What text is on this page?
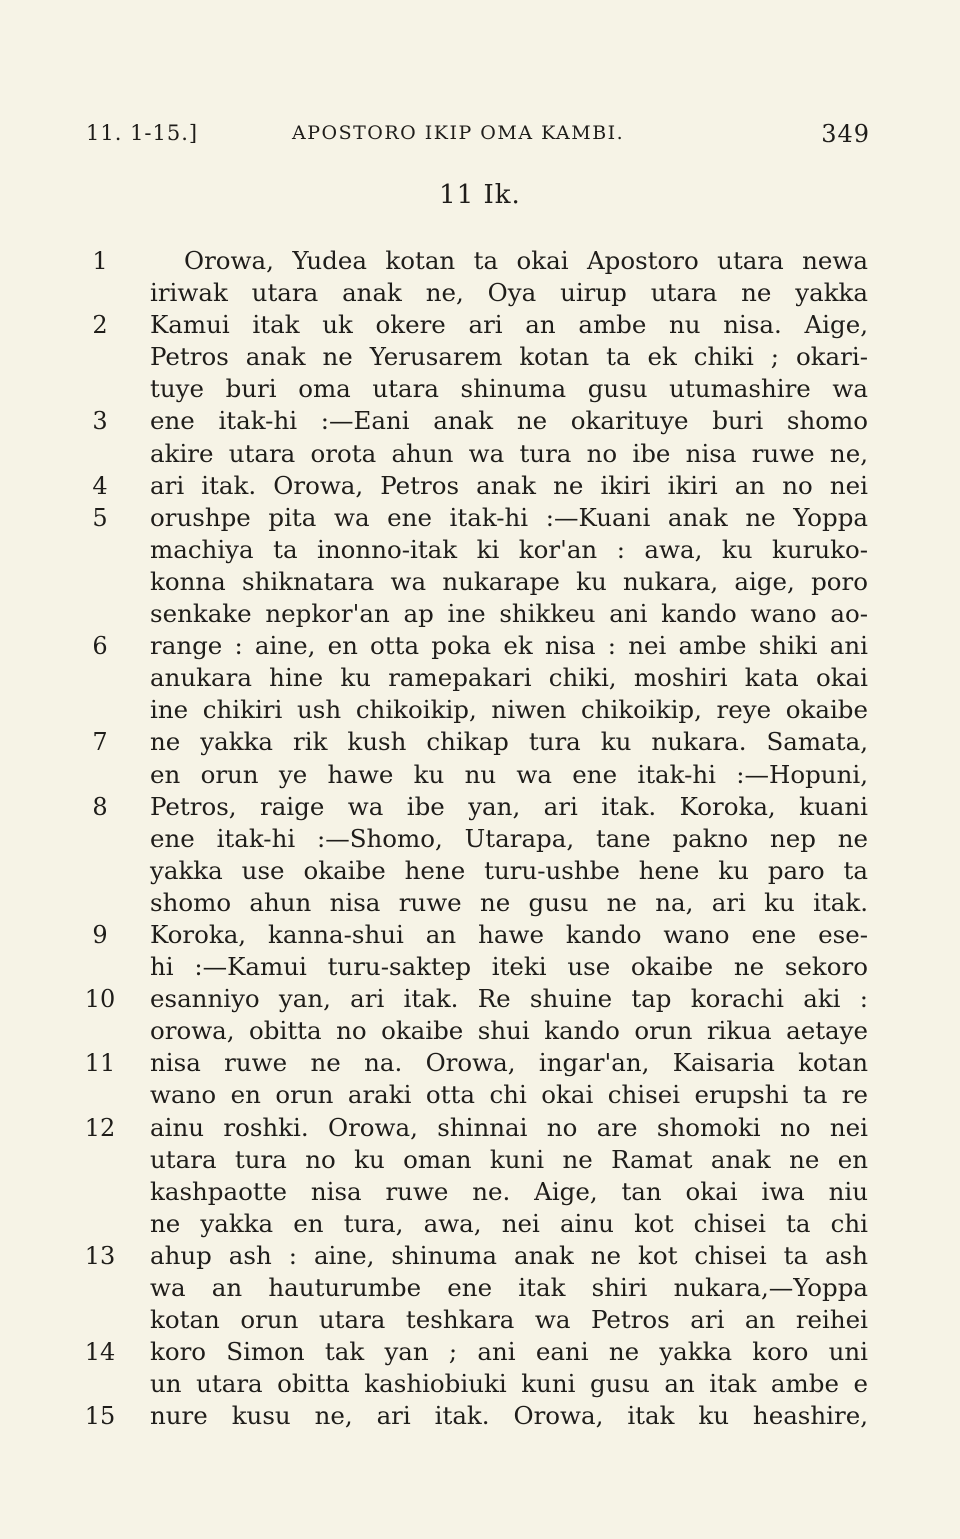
11. 1-15.]	APOSTORO IKIP OMA KAMBI.	349
11 Ik.
1	Orowa, Yudea kotan ta okai Apostoro utara newa
iriwak utara anak ne, Oya uirup utara ne yakka
2	Kamui itak uk okere ari an ambe nu nisa. Aige,
Petros anak ne Yerusarem kotan ta ek chiki ; okari-
tuye buri oma utara shinuma gusu utumashire wa
3	ene itak-hi :—Eani anak ne okarituye buri shomo
akire utara orota ahun wa tura no ibe nisa ruwe ne,
4	ari itak. Orowa, Petros anak ne ikiri ikiri an no nei
5	orushpe pita wa ene itak-hi :—Kuani anak ne Yoppa
machiya ta inonno-itak ki kor'an : awa, ku kuruko-
konna shiknatara wa nukarape ku nukara, aige, poro
senkake nepkor'an ap ine shikkeu ani kando wano ao-
6	range : aine, en otta poka ek nisa : nei ambe shiki ani
anukara hine ku ramepakari chiki, moshiri kata okai
ine chikiri ush chikoikip, niwen chikoikip, reye okaibe
7	ne yakka rik kush chikap tura ku nukara. Samata,
en orun ye hawe ku nu wa ene itak-hi :—Hopuni,
8	Petros, raige wa ibe yan, ari itak. Koroka, kuani
ene itak-hi :—Shomo, Utarapa, tane pakno nep ne
yakka use okaibe hene turu-ushbe hene ku paro ta
shomo ahun nisa ruwe ne gusu ne na, ari ku itak.
9	Koroka, kanna-shui an hawe kando wano ene ese-
hi :—Kamui turu-saktep iteki use okaibe ne sekoro
10 esanniyo yan, ari itak. Re shuine tap korachi aki :
orowa, obitta no okaibe shui kando orun rikua aetaye
11 nisa ruwe ne na. Orowa, ingar'an, Kaisaria kotan
wano en orun araki otta chi okai chisei erupshi ta re
12 ainu roshki. Orowa, shinnai no are shomoki no nei
utara tura no ku oman kuni ne Ramat anak ne en
kashpaotte nisa ruwe ne. Aige, tan okai iwa niu
ne yakka en tura, awa, nei ainu kot chisei ta chi
13 ahup ash : aine, shinuma anak ne kot chisei ta ash
wa an hauturumbe ene itak shiri nukara,—Yoppa
kotan orun utara teshkara wa Petros ari an reihei
14 koro Simon tak yan ; ani eani ne yakka koro uni
un utara obitta kashiobiuki kuni gusu an itak ambe e
15 nure kusu ne, ari itak. Orowa, itak ku heashire,
